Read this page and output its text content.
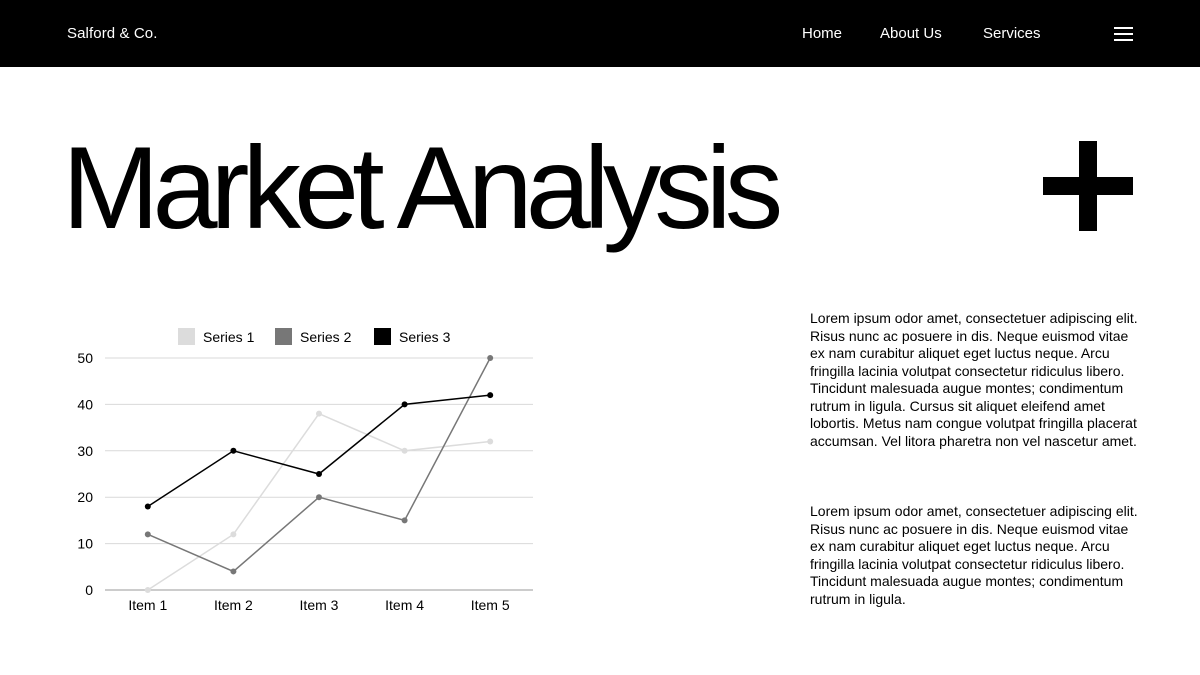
Salford & Co.	Home	About Us	Services
Market Analysis
0
10
20
30
40
50
Item 1	Item 2	Item 3	Item 4	Item 5
Series 1	Series 2	Series 3

Lorem ipsum odor amet, consectetuer adipiscing elit. Risus nunc ac posuere in dis. Neque euismod vitae ex nam curabitur aliquet eget luctus neque. Arcu fringilla lacinia volutpat consectetur ridiculus libero. Tincidunt malesuada augue montes; condimentum rutrum in ligula. Cursus sit aliquet eleifend amet lobortis. Metus nam congue volutpat fringilla placerat accumsan. Vel litora pharetra non vel nascetur amet.

Lorem ipsum odor amet, consectetuer adipiscing elit. Risus nunc ac posuere in dis. Neque euismod vitae ex nam curabitur aliquet eget luctus neque. Arcu fringilla lacinia volutpat consectetur ridiculus libero. Tincidunt malesuada augue montes; condimentum rutrum in ligula.
